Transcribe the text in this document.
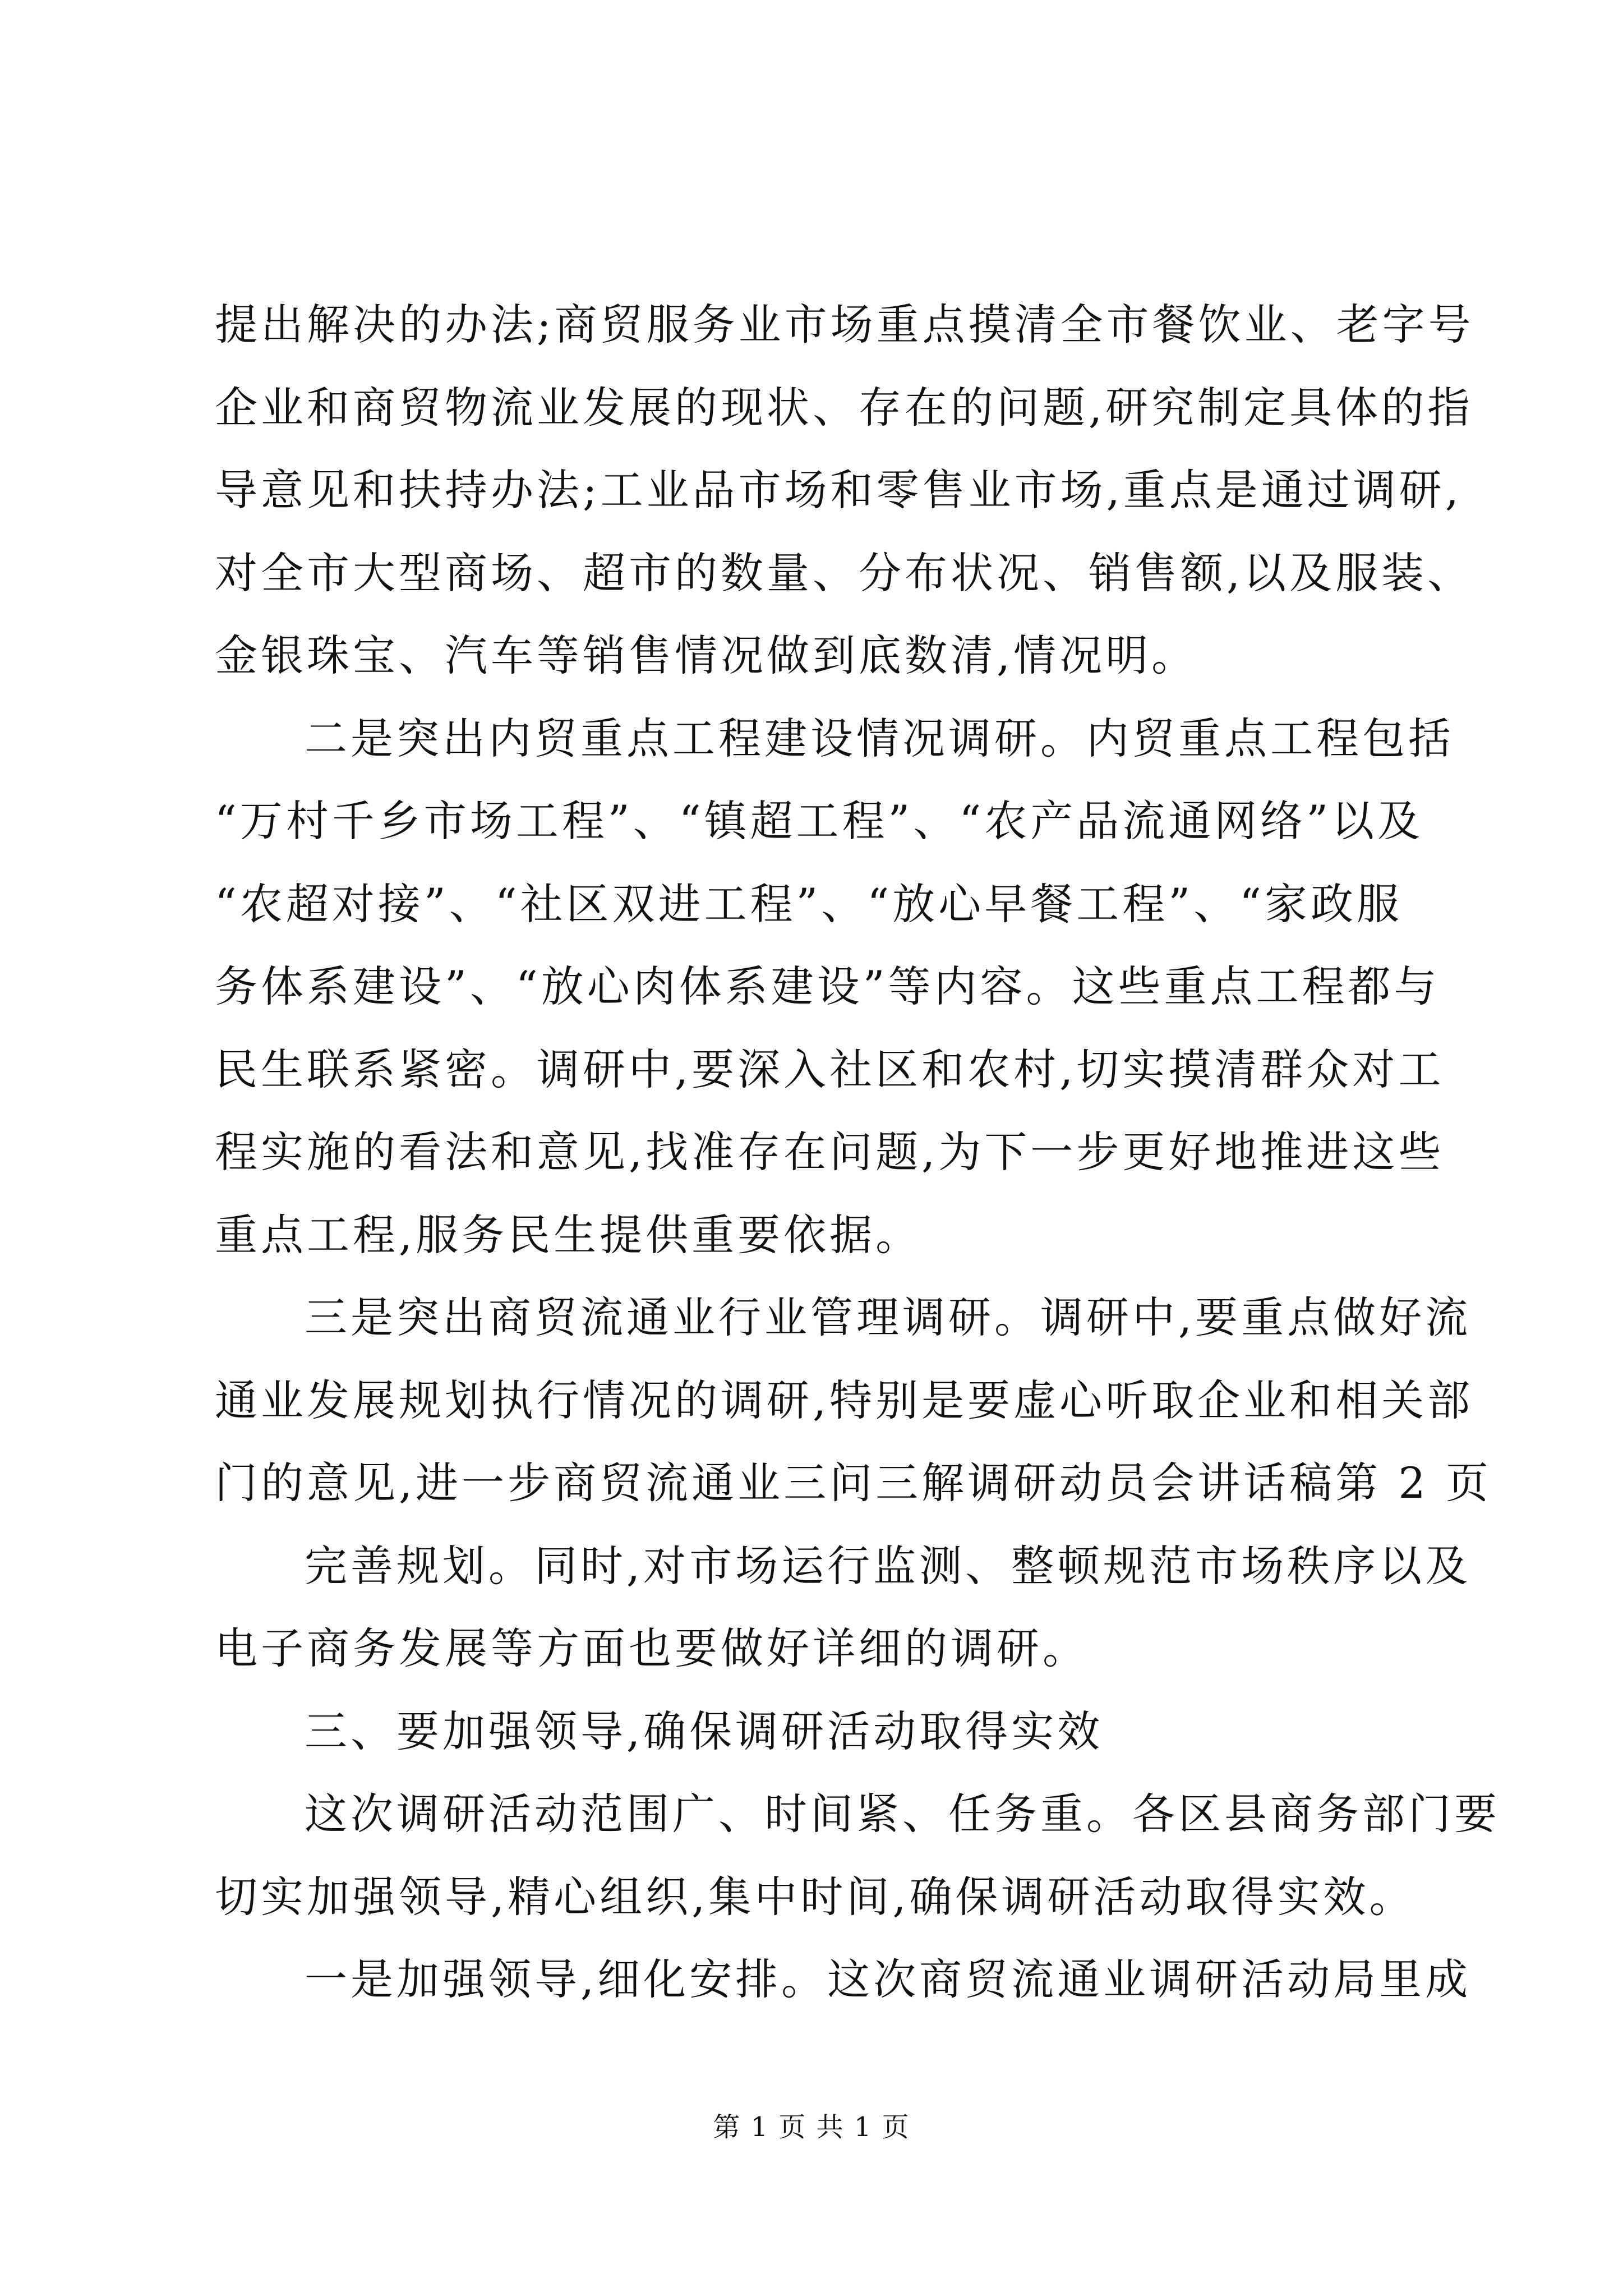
提出解决的办法;商贸服务业市场重点摸清全市餐饮业、老字号
企业和商贸物流业发展的现状、存在的问题,研究制定具体的指
导意见和扶持办法;工业品市场和零售业市场,重点是通过调研,
对全市大型商场、超市的数量、分布状况、销售额,以及服装、
金银珠宝、汽车等销售情况做到底数清,情况明。
二是突出内贸重点工程建设情况调研。内贸重点工程包括
“万村千乡市场工程”、“镇超工程”、“农产品流通网络”以及
“农超对接”、“社区双进工程”、“放心早餐工程”、“家政服
务体系建设”、“放心肉体系建设”等内容。这些重点工程都与
民生联系紧密。调研中,要深入社区和农村,切实摸清群众对工
程实施的看法和意见,找准存在问题,为下一步更好地推进这些
重点工程,服务民生提供重要依据。
三是突出商贸流通业行业管理调研。调研中,要重点做好流
通业发展规划执行情况的调研,特别是要虚心听取企业和相关部
门的意见,进一步商贸流通业三问三解调研动员会讲话稿第 2 页
完善规划。同时,对市场运行监测、整顿规范市场秩序以及
电子商务发展等方面也要做好详细的调研。
三、要加强领导,确保调研活动取得实效
这次调研活动范围广、时间紧、任务重。各区县商务部门要
切实加强领导,精心组织,集中时间,确保调研活动取得实效。
一是加强领导,细化安排。这次商贸流通业调研活动局里成
第 1 页 共 1 页
